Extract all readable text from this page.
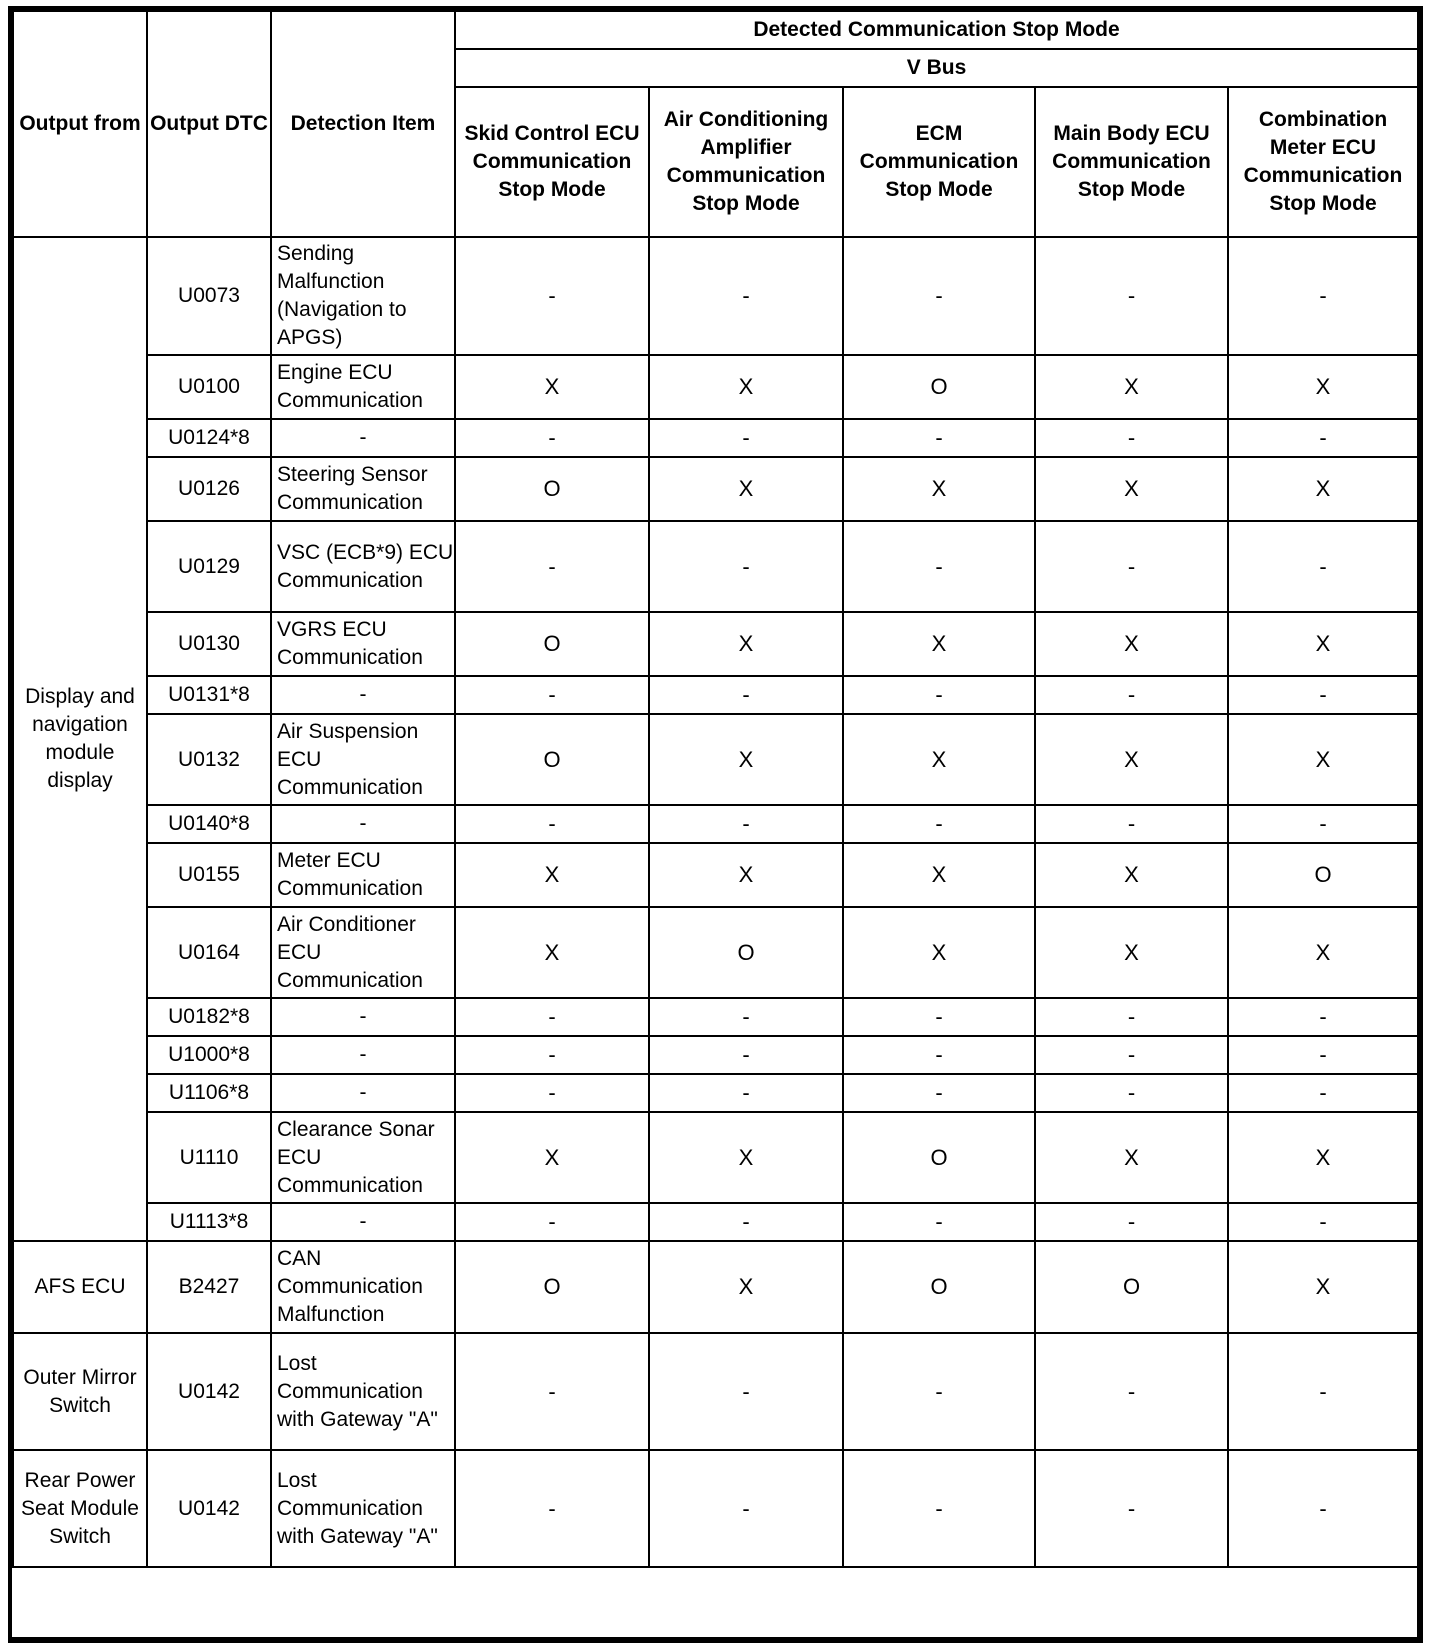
Output from	Output DTC	Detection Item	Detected Communication Stop Mode				
			V Bus				
			Skid Control ECU Communication Stop Mode	Air Conditioning Amplifier Communication Stop Mode	ECM Communication Stop Mode	Main Body ECU Communication Stop Mode	Combination Meter ECU Communication Stop Mode
Display and navigation module display	U0073	Sending Malfunction (Navigation to APGS)	-	-	-	-	-
	U0100	Engine ECU Communication	X	X	O	X	X
	U0124*8	-	-	-	-	-	-
	U0126	Steering Sensor Communication	O	X	X	X	X
	U0129	VSC (ECB*9) ECU Communication	-	-	-	-	-
	U0130	VGRS ECU Communication	O	X	X	X	X
	U0131*8	-	-	-	-	-	-
	U0132	Air Suspension ECU Communication	O	X	X	X	X
	U0140*8	-	-	-	-	-	-
	U0155	Meter ECU Communication	X	X	X	X	O
	U0164	Air Conditioner ECU Communication	X	O	X	X	X
	U0182*8	-	-	-	-	-	-
	U1000*8	-	-	-	-	-	-
	U1106*8	-	-	-	-	-	-
	U1110	Clearance Sonar ECU Communication	X	X	O	X	X
	U1113*8	-	-	-	-	-	-
AFS ECU	B2427	CAN Communication Malfunction	O	X	O	O	X
Outer Mirror Switch	U0142	Lost Communication with Gateway "A"	-	-	-	-	-
Rear Power Seat Module Switch	U0142	Lost Communication with Gateway "A"	-	-	-	-	-
